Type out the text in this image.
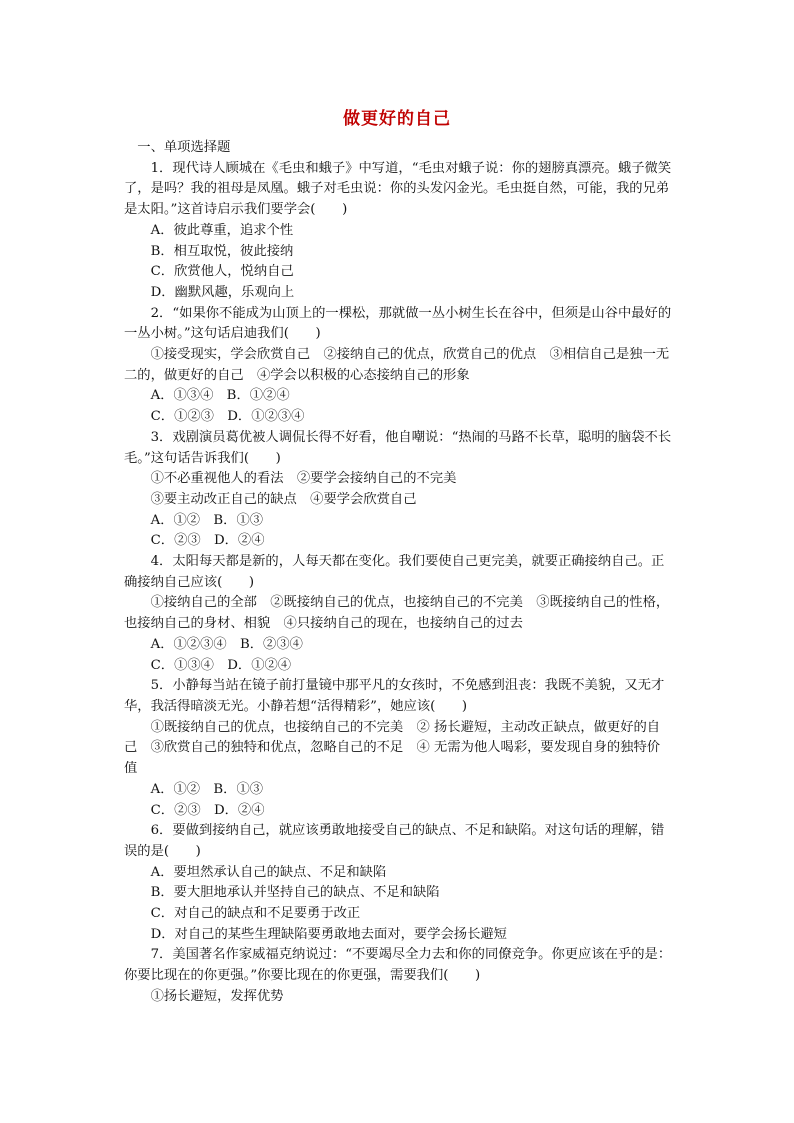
做更好的自己

一、单项选择题

1．现代诗人顾城在《毛虫和蛾子》中写道，“毛虫对蛾子说：你的翅膀真漂亮。蛾子微笑了，是吗？我的祖母是凤凰。蛾子对毛虫说：你的头发闪金光。毛虫挺自然，可能，我的兄弟是太阳。”这首诗启示我们要学会(　　)

A．彼此尊重，追求个性

B．相互取悦，彼此接纳

C．欣赏他人，悦纳自己

D．幽默风趣，乐观向上

2．“如果你不能成为山顶上的一棵松，那就做一丛小树生长在谷中，但须是山谷中最好的一丛小树。”这句话启迪我们(　　)

①接受现实，学会欣赏自己　②接纳自己的优点，欣赏自己的优点　③相信自己是独一无二的，做更好的自己　④学会以积极的心态接纳自己的形象

A．①③④　B．①②④

C．①②③　D．①②③④

3．戏剧演员葛优被人调侃长得不好看，他自嘲说：“热闹的马路不长草，聪明的脑袋不长毛。”这句话告诉我们(　　)

①不必重视他人的看法　②要学会接纳自己的不完美

③要主动改正自己的缺点　④要学会欣赏自己

A．①②　B．①③

C．②③　D．②④

4．太阳每天都是新的，人每天都在变化。我们要使自己更完美，就要正确接纳自己。正确接纳自己应该(　　)

①接纳自己的全部　②既接纳自己的优点，也接纳自己的不完美　③既接纳自己的性格，也接纳自己的身材、相貌　④只接纳自己的现在，也接纳自己的过去

A．①②③④　B．②③④

C．①③④　D．①②④

5．小静每当站在镜子前打量镜中那平凡的女孩时，不免感到沮丧：我既不美貌，又无才华，我活得暗淡无光。小静若想“活得精彩”，她应该(　　)

①既接纳自己的优点，也接纳自己的不完美　② 扬长避短，主动改正缺点，做更好的自己　③欣赏自己的独特和优点，忽略自己的不足　④ 无需为他人喝彩，要发现自身的独特价值

A．①②　B．①③

C．②③　D．②④

6．要做到接纳自己，就应该勇敢地接受自己的缺点、不足和缺陷。对这句话的理解，错误的是(　　)

A．要坦然承认自己的缺点、不足和缺陷

B．要大胆地承认并坚持自己的缺点、不足和缺陷

C．对自己的缺点和不足要勇于改正

D．对自己的某些生理缺陷要勇敢地去面对，要学会扬长避短

7．美国著名作家威福克纳说过：“不要竭尽全力去和你的同僚竞争。你更应该在乎的是：你要比现在的你更强。”你要比现在的你更强，需要我们(　　)

①扬长避短，发挥优势
